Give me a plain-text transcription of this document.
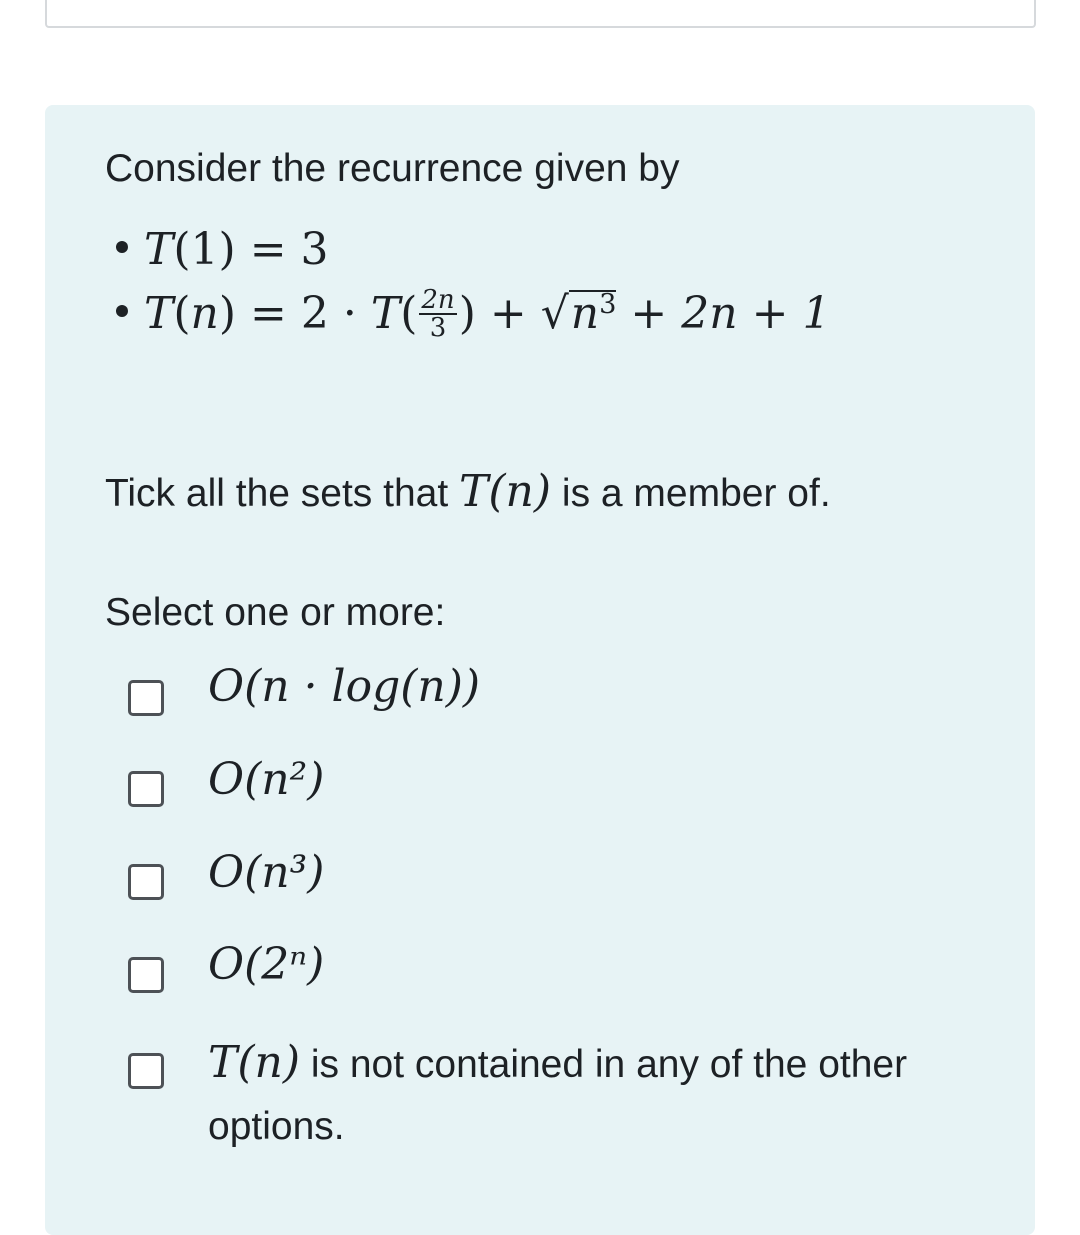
Consider the recurrence given by
T(1) = 3
$T(n) = 2 \cdot T( \frac{2n}{3}$ ) + $√n^3 + 2n + 1$
Tick all the sets that T(n) is a member of.
Select one or more:
O(n · log(n))
O(n²)
O(n³)
O(2ⁿ)
T(n) is not contained in any of the other
options.
